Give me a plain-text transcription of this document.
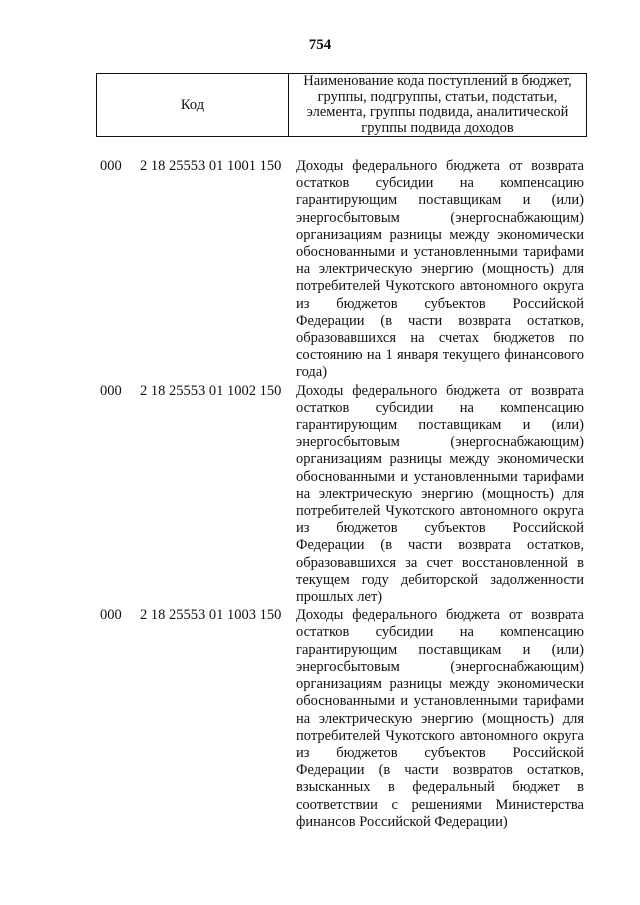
754
Код
Наименование кода поступлений в бюджет, группы, подгруппы, статьи, подстатьи, элемента, группы подвида, аналитической группы подвида доходов
000	2 18 25553 01 1001 150	Доходы федерального бюджета от возврата остатков субсидии на компенсацию гарантирующим поставщикам и (или) энергосбытовым (энергоснабжающим) организациям разницы между экономически обоснованными и установленными тарифами на электрическую энергию (мощность) для потребителей Чукотского автономного округа из бюджетов субъектов Российской Федерации (в части возврата остатков, образовавшихся на счетах бюджетов по состоянию на 1 января текущего финансового года)
000	2 18 25553 01 1002 150	Доходы федерального бюджета от возврата остатков субсидии на компенсацию гарантирующим поставщикам и (или) энергосбытовым (энергоснабжающим) организациям разницы между экономически обоснованными и установленными тарифами на электрическую энергию (мощность) для потребителей Чукотского автономного округа из бюджетов субъектов Российской Федерации (в части возврата остатков, образовавшихся за счет восстановленной в текущем году дебиторской задолженности прошлых лет)
000	2 18 25553 01 1003 150	Доходы федерального бюджета от возврата остатков субсидии на компенсацию гарантирующим поставщикам и (или) энергосбытовым (энергоснабжающим) организациям разницы между экономически обоснованными и установленными тарифами на электрическую энергию (мощность) для потребителей Чукотского автономного округа из бюджетов субъектов Российской Федерации (в части возвратов остатков, взысканных в федеральный бюджет в соответствии с решениями Министерства финансов Российской Федерации)
